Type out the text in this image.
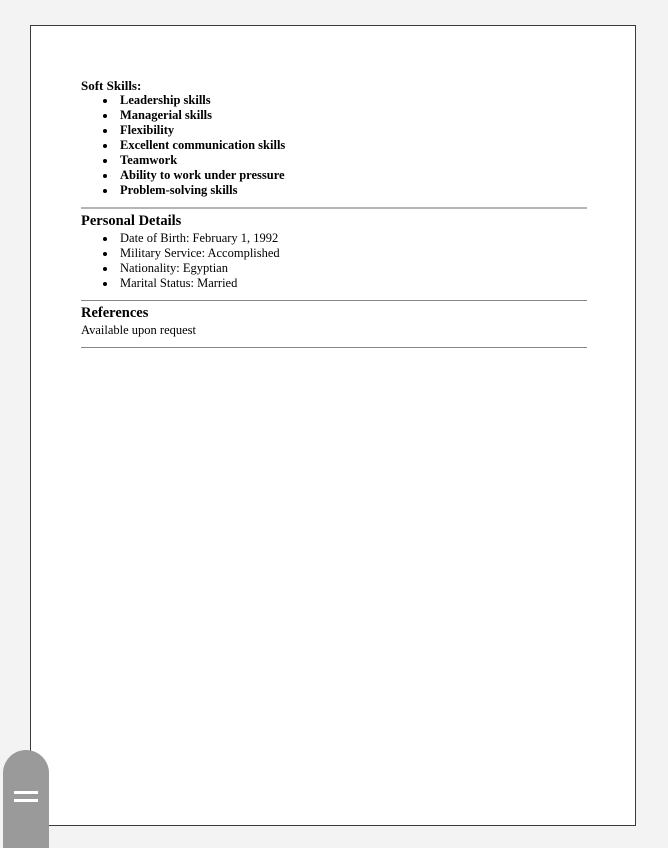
Soft Skills:

Leadership skills
Managerial skills
Flexibility
Excellent communication skills
Teamwork
Ability to work under pressure
Problem-solving skills

Personal Details

Date of Birth: February 1, 1992
Military Service: Accomplished
Nationality: Egyptian
Marital Status: Married

References

Available upon request
